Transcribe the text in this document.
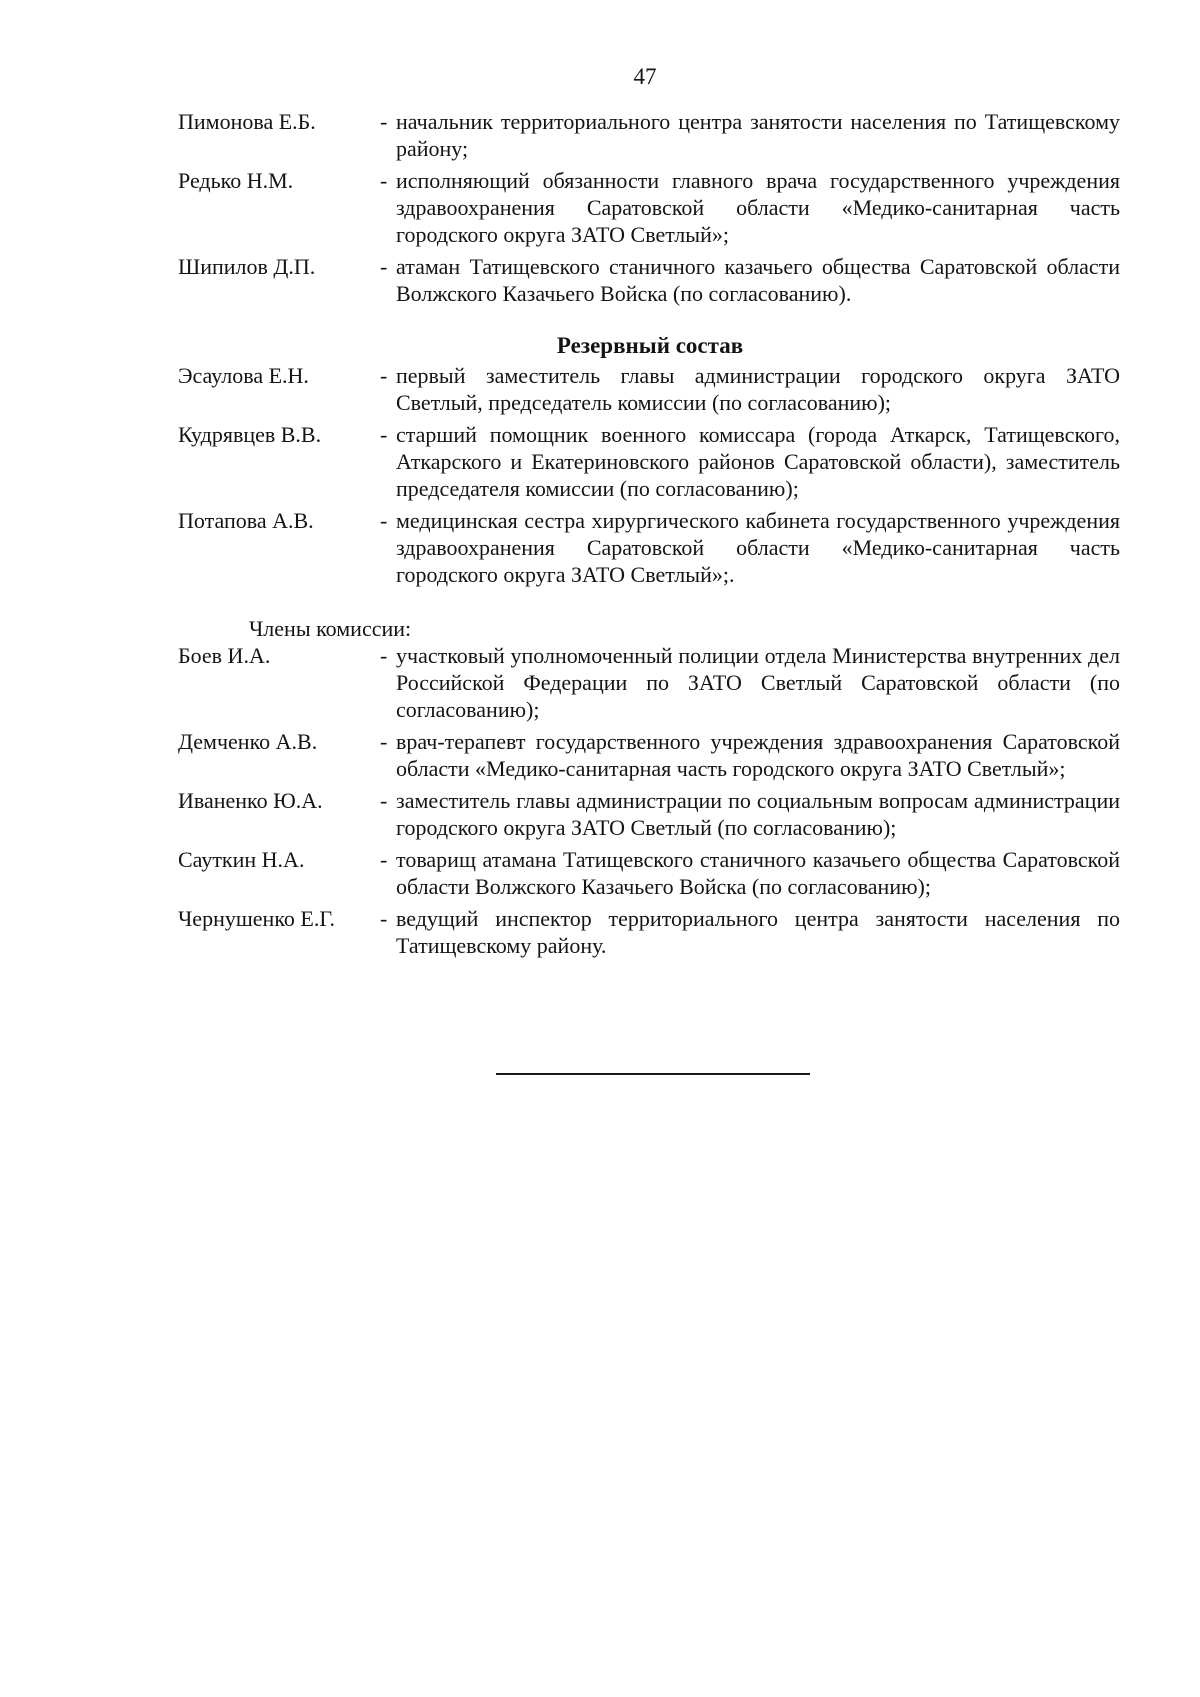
47
Пимонова Е.Б.	- начальник территориального центра занятости населения по Татищевскому району;
Редько Н.М.	- исполняющий обязанности главного врача государственного учреждения здравоохранения Саратовской области «Медико-санитарная часть городского округа ЗАТО Светлый»;
Шипилов Д.П.	- атаман Татищевского станичного казачьего общества Саратовской области Волжского Казачьего Войска (по согласованию).
Резервный состав
Эсаулова Е.Н.	- первый заместитель главы администрации городского округа ЗАТО Светлый, председатель комиссии (по согласованию);
Кудрявцев В.В.	- старший помощник военного комиссара (города Аткарск, Татищевского, Аткарского и Екатериновского районов Саратовской области), заместитель председателя комиссии (по согласованию);
Потапова А.В.	- медицинская сестра хирургического кабинета государственного учреждения здравоохранения Саратовской области «Медико-санитарная часть городского округа ЗАТО Светлый»;.
Члены комиссии:
Боев И.А.	- участковый уполномоченный полиции отдела Министерства внутренних дел Российской Федерации по ЗАТО Светлый Саратовской области (по согласованию);
Демченко А.В.	- врач-терапевт государственного учреждения здравоохранения Саратовской области «Медико-санитарная часть городского округа ЗАТО Светлый»;
Иваненко Ю.А.	- заместитель главы администрации по социальным вопросам администрации городского округа ЗАТО Светлый (по согласованию);
Сауткин Н.А.	- товарищ атамана Татищевского станичного казачьего общества Саратовской области Волжского Казачьего Войска (по согласованию);
Чернушенко Е.Г.	- ведущий инспектор территориального центра занятости населения по Татищевскому району.
